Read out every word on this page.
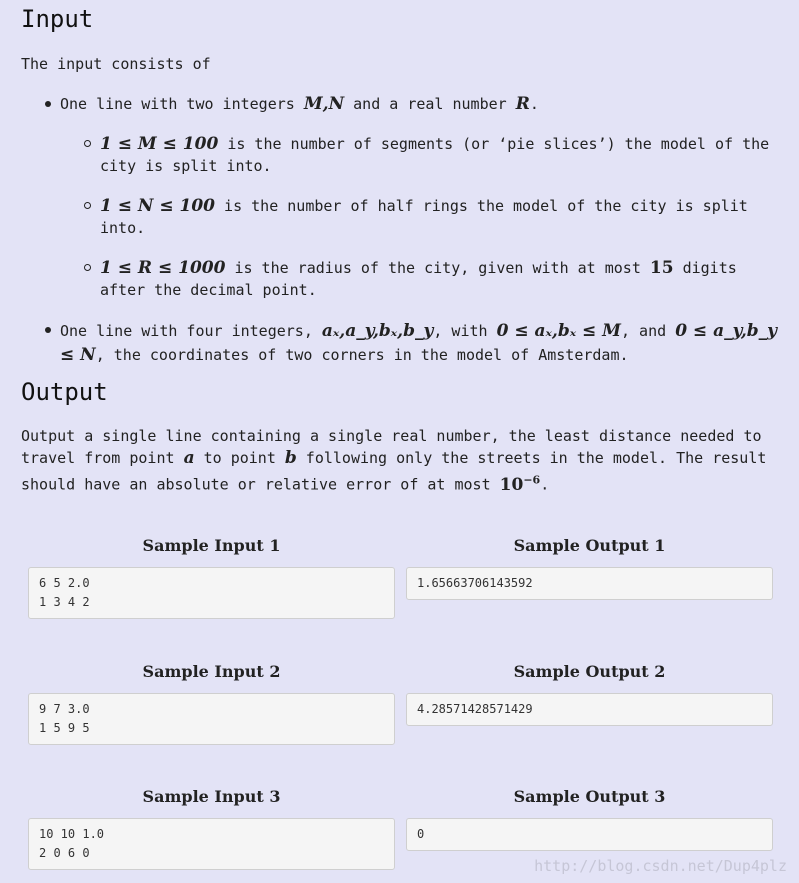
Input

The input consists of

One line with two integers M,N and a real number R.
1 ≤ M ≤ 100 is the number of segments (or ‘pie slices’) the model of the city is split into.
1 ≤ N ≤ 100 is the number of half rings the model of the city is split into.
1 ≤ R ≤ 1000 is the radius of the city, given with at most 15 digits after the decimal point.
One line with four integers, aₓ,a_y,bₓ,b_y, with 0 ≤ aₓ,bₓ ≤ M, and 0 ≤ a_y,b_y ≤ N, the coordinates of two corners in the model of Amsterdam.
Output

Output a single line containing a single real number, the least distance needed to travel from point a to point b following only the streets in the model. The result should have an absolute or relative error of at most $10^{-6}$.

Sample Input 1
6 5 2.0
1 3 4 2
Sample Output 1
1.65663706143592
Sample Input 2
9 7 3.0
1 5 9 5
Sample Output 2
4.28571428571429
Sample Input 3
10 10 1.0
2 0 6 0
Sample Output 3
0
http://blog.csdn.net/Dup4plz
